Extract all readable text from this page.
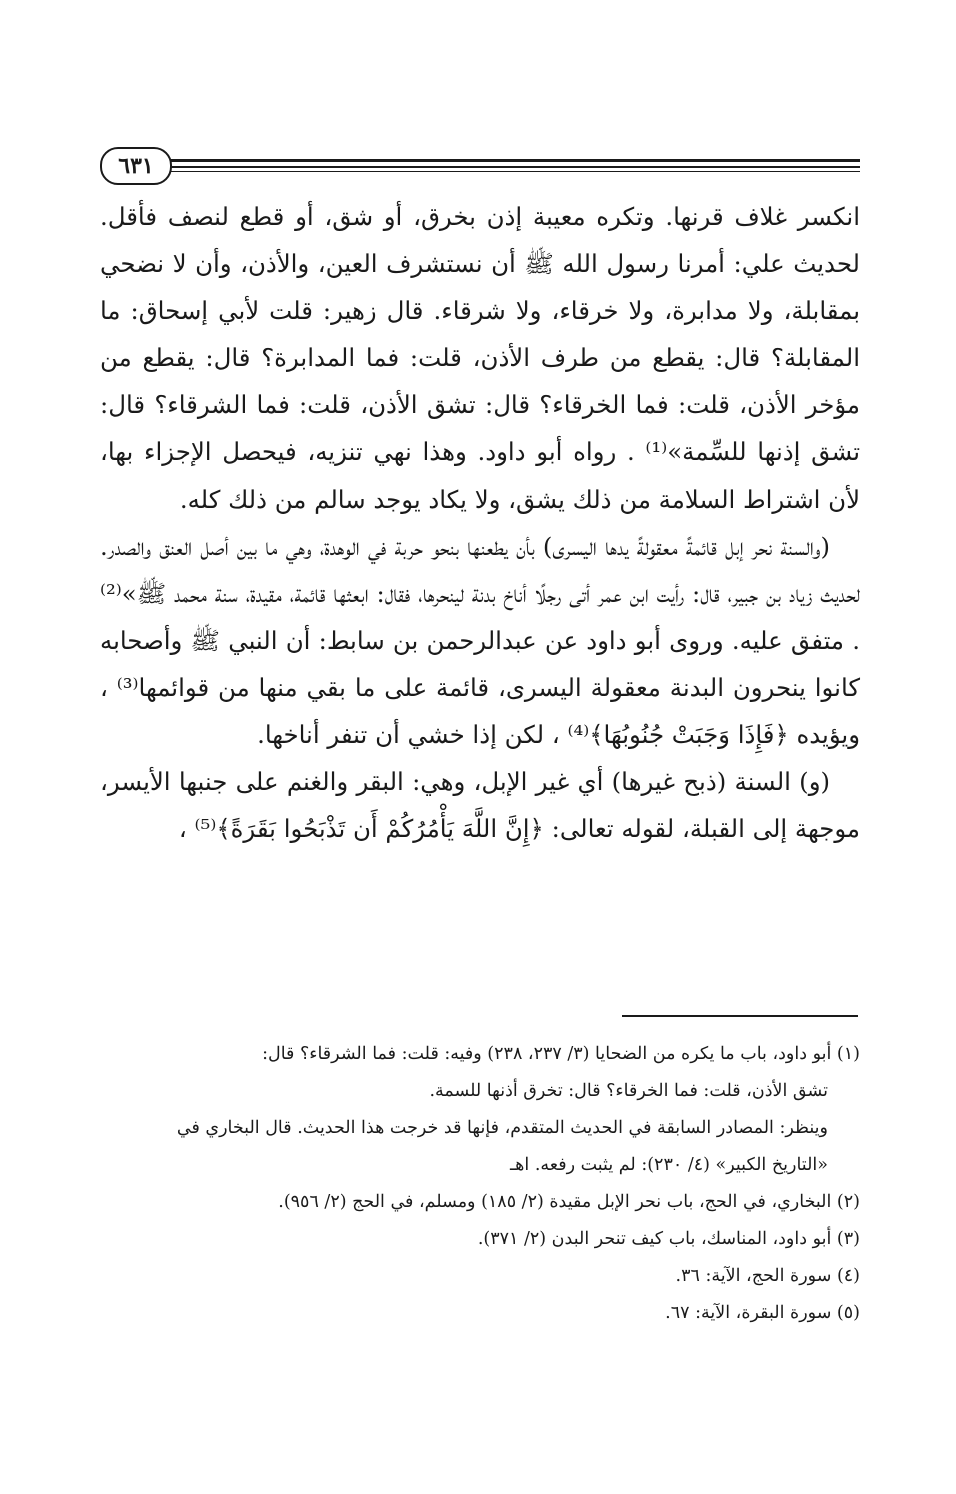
٦٣١

انكسر غلاف قرنها. وتكره معيبة إذن بخرق، أو شق، أو قطع لنصف فأقل. لحديث علي: أمرنا رسول الله ﷺ أن نستشرف العين، والأذن، وأن لا نضحي بمقابلة، ولا مدابرة، ولا خرقاء، ولا شرقاء. قال زهير: قلت لأبي إسحاق: ما المقابلة؟ قال: يقطع من طرف الأذن، قلت: فما المدابرة؟ قال: يقطع من مؤخر الأذن، قلت: فما الخرقاء؟ قال: تشق الأذن، قلت: فما الشرقاء؟ قال: تشق إذنها للسِّمة»⁽¹⁾ . رواه أبو داود. وهذا نهي تنزيه، فيحصل الإجزاء بها، لأن اشتراط السلامة من ذلك يشق، ولا يكاد يوجد سالم من ذلك كله.

(والسنة نحر إبل قائمةً معقولةً يدها اليسرى) بأن يطعنها بنحو حربة في الوهدة، وهي ما بين أصل العنق والصدر. لحديث زياد بن جبير، قال: رأيت ابن عمر أتى رجلًا أناخ بدنة لينحرها، فقال: ابعثها قائمة، مقيدة، سنة محمد ﷺ»⁽²⁾ . متفق عليه. وروى أبو داود عن عبدالرحمن بن سابط: أن النبي ﷺ وأصحابه كانوا ينحرون البدنة معقولة اليسرى، قائمة على ما بقي منها من قوائمها⁽³⁾ ، ويؤيده ﴿فَإِذَا وَجَبَتْ جُنُوبُهَا﴾⁽⁴⁾ ، لكن إذا خشي أن تنفر أناخها.

(و) السنة (ذبح غيرها) أي غير الإبل، وهي: البقر والغنم على جنبها الأيسر، موجهة إلى القبلة، لقوله تعالى: ﴿إِنَّ اللَّهَ يَأْمُرُكُمْ أَن تَذْبَحُوا بَقَرَةً﴾⁽⁵⁾ ،

(١) أبو داود، باب ما يكره من الضحايا (٣/ ٢٣٧، ٢٣٨) وفيه: قلت: فما الشرقاء؟ قال:
تشق الأذن، قلت: فما الخرقاء؟ قال: تخرق أذنها للسمة.
وينظر: المصادر السابقة في الحديث المتقدم، فإنها قد خرجت هذا الحديث. قال البخاري في
«التاريخ الكبير» (٤/ ٢٣٠): لم يثبت رفعه. اهـ
(٢) البخاري، في الحج، باب نحر الإبل مقيدة (٢/ ١٨٥) ومسلم، في الحج (٢/ ٩٥٦).
(٣) أبو داود، المناسك، باب كيف تنحر البدن (٢/ ٣٧١).
(٤) سورة الحج، الآية: ٣٦.
(٥) سورة البقرة، الآية: ٦٧.
